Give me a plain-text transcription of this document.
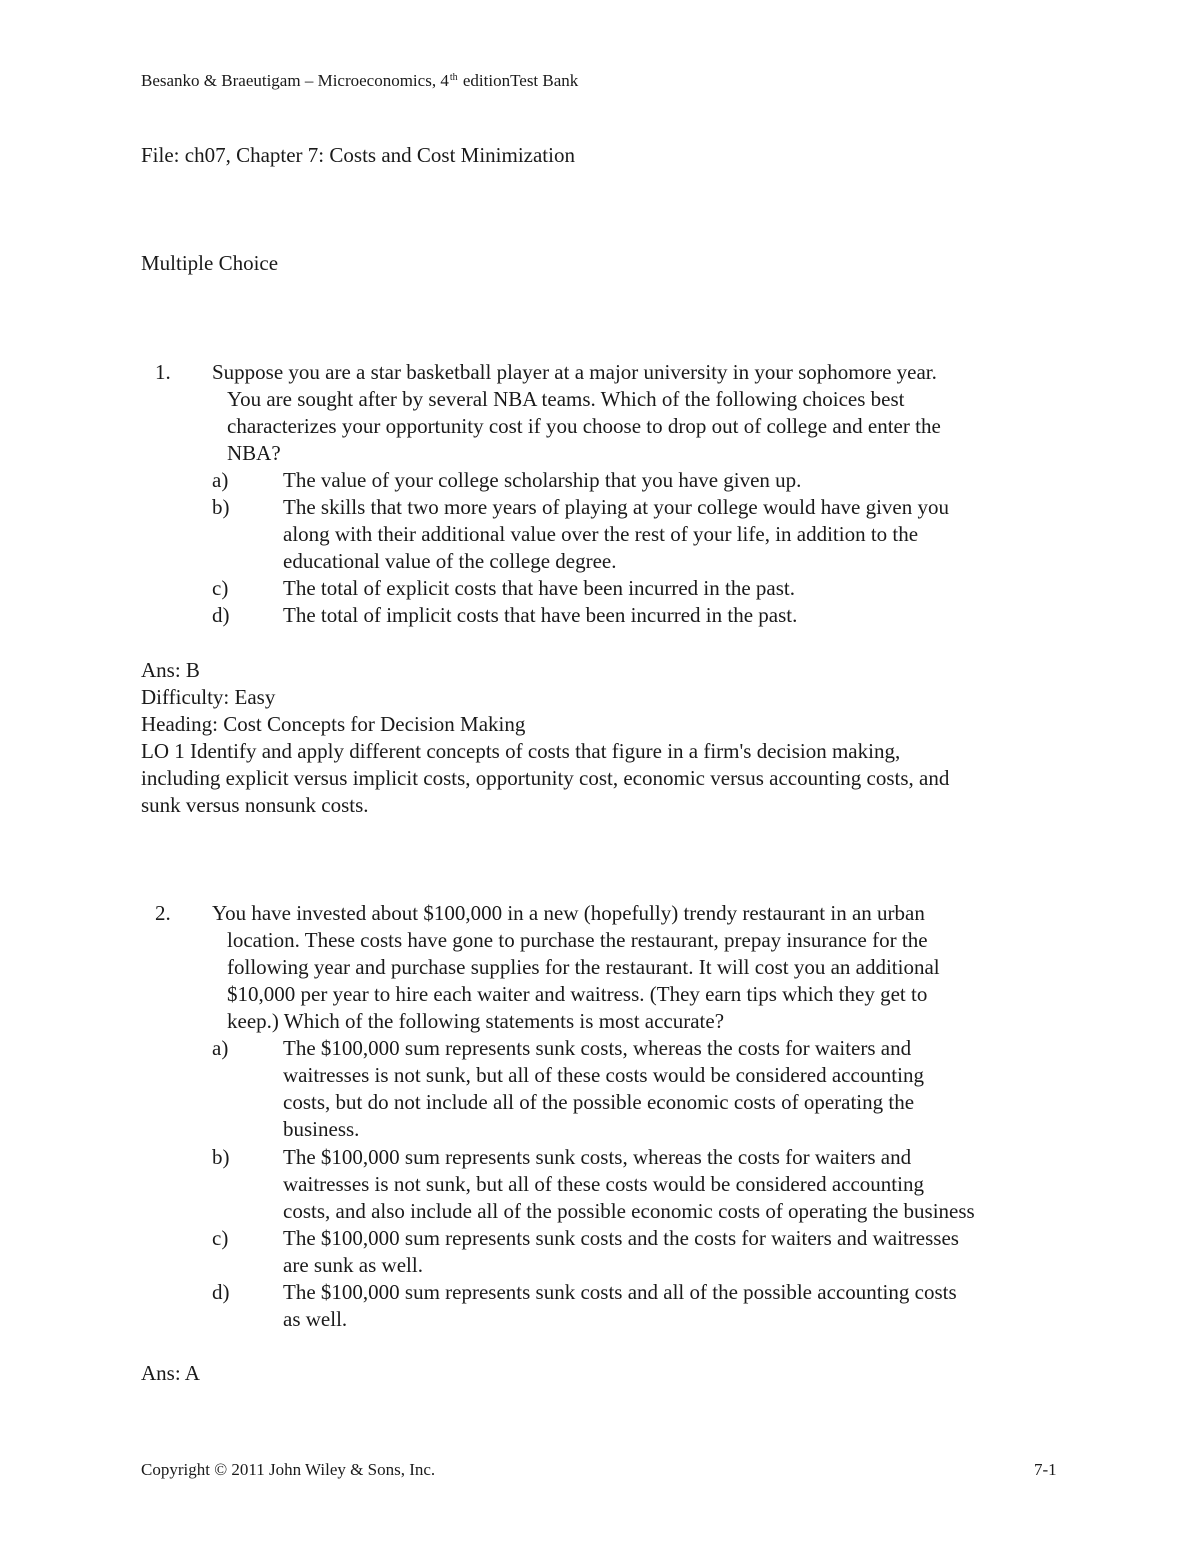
Besanko & Braeutigam – Microeconomics, 4th editionTest Bank
File: ch07, Chapter 7: Costs and Cost Minimization
Multiple Choice
1. Suppose you are a star basketball player at a major university in your sophomore year.
You are sought after by several NBA teams. Which of the following choices best
characterizes your opportunity cost if you choose to drop out of college and enter the
NBA?
a)	The value of your college scholarship that you have given up.
b)	The skills that two more years of playing at your college would have given you
along with their additional value over the rest of your life, in addition to the
educational value of the college degree.
c)	The total of explicit costs that have been incurred in the past.
d)	The total of implicit costs that have been incurred in the past.
Ans: B
Difficulty: Easy
Heading: Cost Concepts for Decision Making
LO 1 Identify and apply different concepts of costs that figure in a firm's decision making,
including explicit versus implicit costs, opportunity cost, economic versus accounting costs, and
sunk versus nonsunk costs.
2. You have invested about $100,000 in a new (hopefully) trendy restaurant in an urban
location. These costs have gone to purchase the restaurant, prepay insurance for the
following year and purchase supplies for the restaurant. It will cost you an additional
$10,000 per year to hire each waiter and waitress. (They earn tips which they get to
keep.) Which of the following statements is most accurate?
a)	The $100,000 sum represents sunk costs, whereas the costs for waiters and
waitresses is not sunk, but all of these costs would be considered accounting
costs, but do not include all of the possible economic costs of operating the
business.
b)	The $100,000 sum represents sunk costs, whereas the costs for waiters and
waitresses is not sunk, but all of these costs would be considered accounting
costs, and also include all of the possible economic costs of operating the business
c)	The $100,000 sum represents sunk costs and the costs for waiters and waitresses
are sunk as well.
d)	The $100,000 sum represents sunk costs and all of the possible accounting costs
as well.
Ans: A
Copyright © 2011 John Wiley & Sons, Inc.	7-1
